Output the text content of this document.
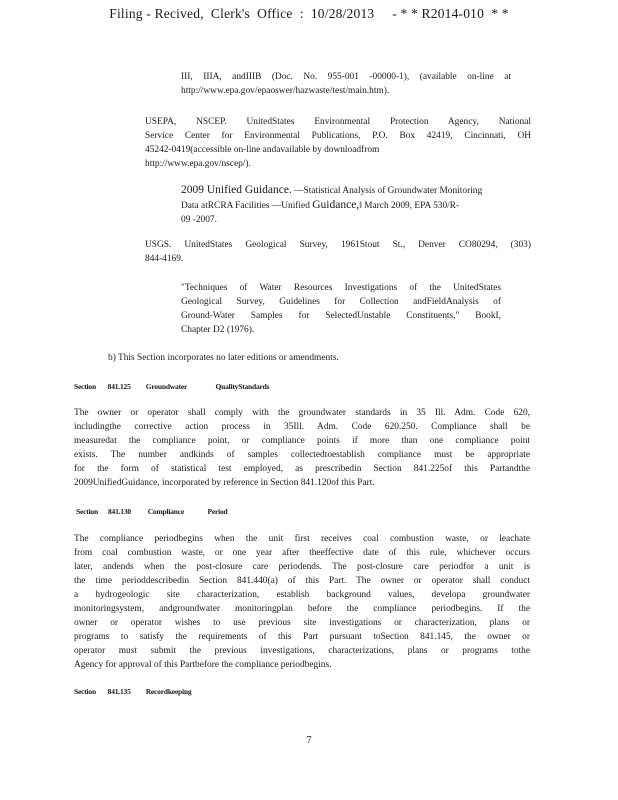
Filing - Recived,  Clerk's  Office  :  10/28/2013     - * * R2014-010  * *
III, IIIA, andIIIB (Doc. No. 955-001 -00000-1), (available on-line at
http://www.epa.gov/epaoswer/hazwaste/test/main.htm).
USEPA, NSCEP. UnitedStates Environmental Protection Agency, National
Service Center for Environmental Publications, P.O. Box 42419, Cincinnati, OH
45242-0419(accessible on-line andavailable by downloadfrom
http://www.epa.gov/nscep/).
2009 Unified Guidance. —Statistical Analysis of Groundwater Monitoring
Data atRCRA Facilities —Unified Guidance,‖ March 2009, EPA 530/R-
09 -2007.
USGS. UnitedStates Geological Survey, 1961Stout St., Denver CO80294, (303)
844-4169.
"Techniques of Water Resources Investigations of the UnitedStates
Geological Survey, Guidelines for Collection andFieldAnalysis of
Ground-Water Samples for SelectedUnstable Constituents," BookI,
Chapter D2 (1976).
b) This Section incorporates no later editions or amendments.
Section       841.125         Groundwater                 QualityStandards
The owner or operator shall comply with the groundwater standards in 35 Ill. Adm. Code 620,
includingthe corrective action process in 35Ill. Adm. Code 620.250. Compliance shall be
measuredat the compliance point, or compliance points if more than one compliance point
exists. The number andkinds of samples collectedtoestablish compliance must be appropriate
for the form of statistical test employed, as prescribedin Section 841.225of this Partandthe
2009UnifiedGuidance, incorporated by reference in Section 841.120of this Part.
Section      841.130          Compliance              Period
The compliance periodbegins when the unit first receives coal combustion waste, or leachate
from coal combustion waste, or one year after theeffective date of this rule, whichever occurs
later, andends when the post-closure care periodends. The post-closure care periodfor a unit is
the time perioddescribedin Section 841.440(a) of this Part. The owner or operator shall conduct
a hydrogeologic site characterization, establish background values, developa groundwater
monitoringsystem, andgroundwater monitoringplan before the compliance periodbegins. If the
owner or operator wishes to use previous site investigations or characterization, plans or
programs to satisfy the requirements of this Part pursuant toSection 841.145, the owner or
operator must submit the previous investigations, characterizations, plans or programs tothe
Agency for approval of this Partbefore the compliance periodbegins.
Section       841.135         Recordkeeping
7
